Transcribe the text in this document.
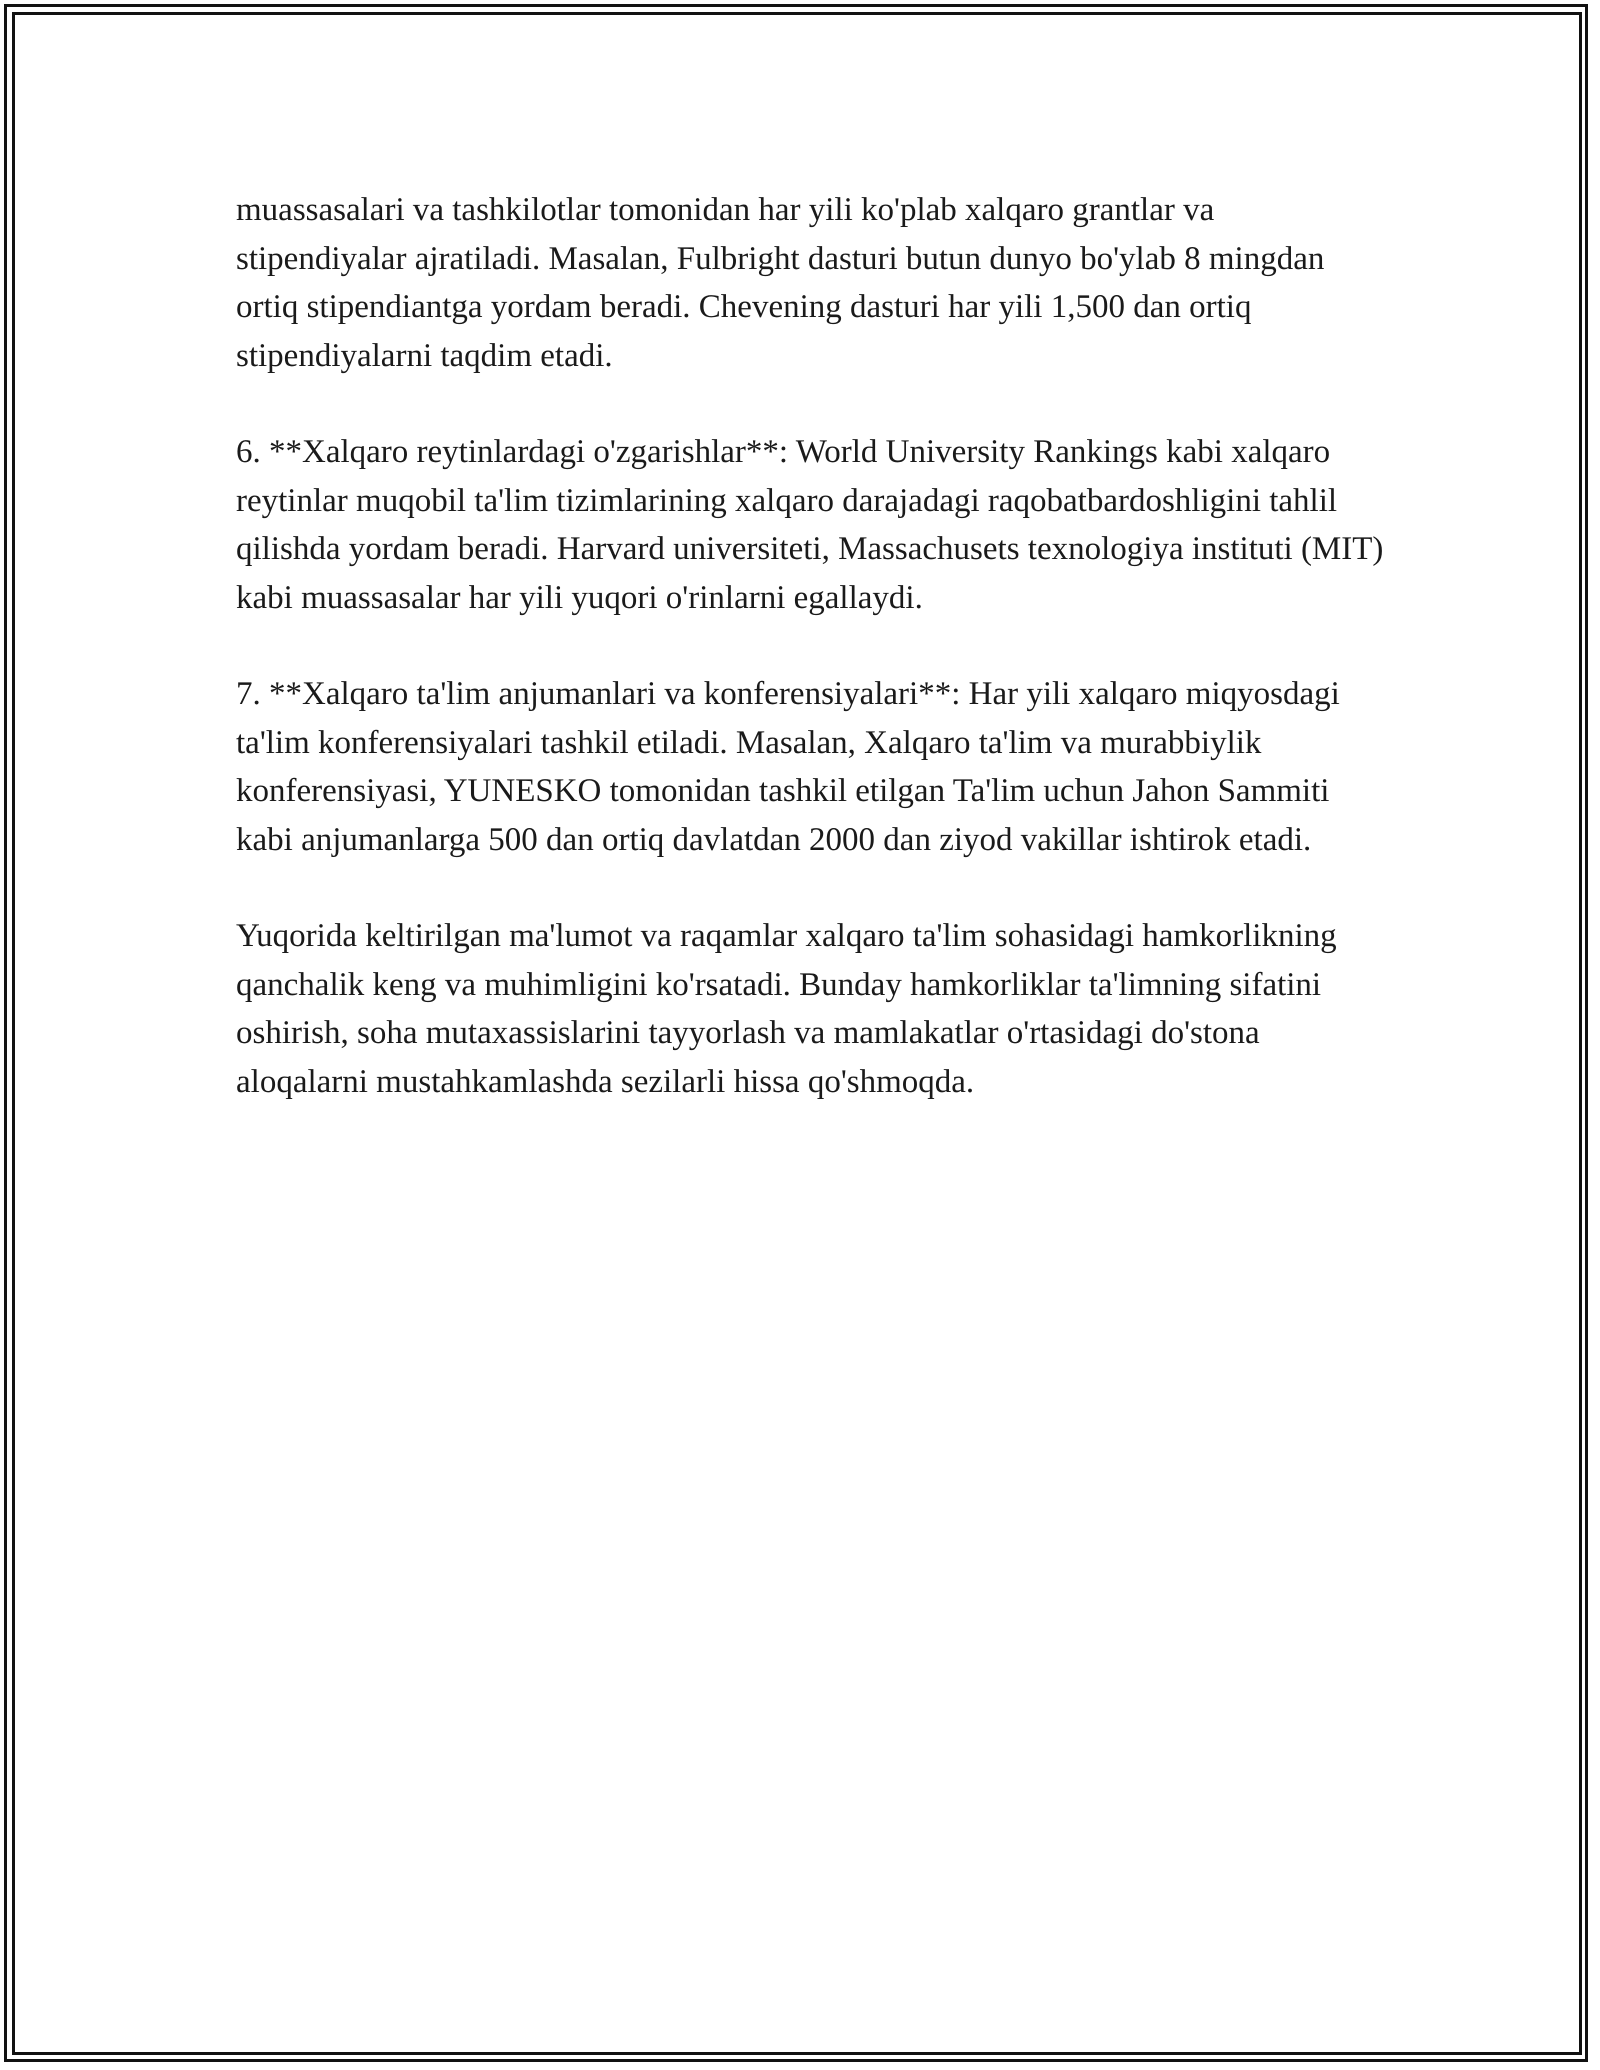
muassasalari va tashkilotlar tomonidan har yili ko'plab xalqaro grantlar va stipendiyalar ajratiladi. Masalan, Fulbright dasturi butun dunyo bo'ylab 8 mingdan ortiq stipendiantga yordam beradi. Chevening dasturi har yili 1,500 dan ortiq stipendiyalarni taqdim etadi.

6. **Xalqaro reytinlardagi o'zgarishlar**: World University Rankings kabi xalqaro reytinlar muqobil ta'lim tizimlarining xalqaro darajadagi raqobatbardoshligini tahlil qilishda yordam beradi. Harvard universiteti, Massachusets texnologiya instituti (MIT) kabi muassasalar har yili yuqori o'rinlarni egallaydi.

7. **Xalqaro ta'lim anjumanlari va konferensiyalari**: Har yili xalqaro miqyosdagi ta'lim konferensiyalari tashkil etiladi. Masalan, Xalqaro ta'lim va murabbiylik konferensiyasi, YUNESKO tomonidan tashkil etilgan Ta'lim uchun Jahon Sammiti kabi anjumanlarga 500 dan ortiq davlatdan 2000 dan ziyod vakillar ishtirok etadi.

Yuqorida keltirilgan ma'lumot va raqamlar xalqaro ta'lim sohasidagi hamkorlikning qanchalik keng va muhimligini ko'rsatadi. Bunday hamkorliklar ta'limning sifatini oshirish, soha mutaxassislarini tayyorlash va mamlakatlar o'rtasidagi do'stona aloqalarni mustahkamlashda sezilarli hissa qo'shmoqda.
